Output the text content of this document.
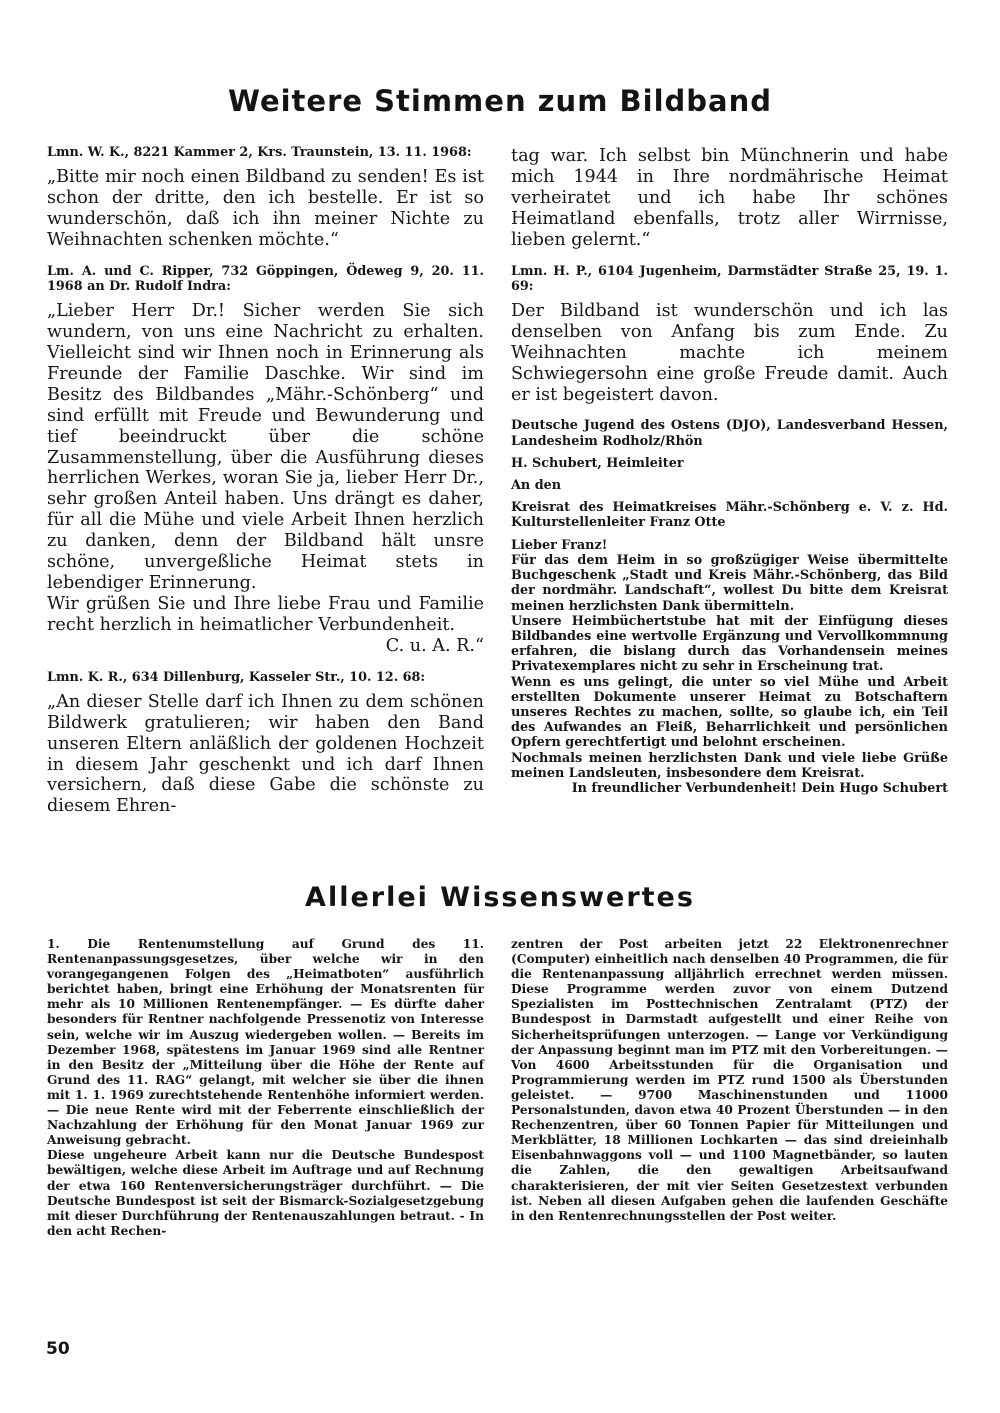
Weitere Stimmen zum Bildband

Lmn. W. K., 8221 Kammer 2, Krs. Traunstein, 13. 11. 1968:

„Bitte mir noch einen Bildband zu senden! Es ist schon der dritte, den ich bestelle. Er ist so wunderschön, daß ich ihn meiner Nichte zu Weihnachten schenken möchte.“

Lm. A. und C. Ripper, 732 Göppingen, Ödeweg 9, 20. 11. 1968 an Dr. Rudolf Indra:

„Lieber Herr Dr.! Sicher werden Sie sich wundern, von uns eine Nachricht zu erhalten. Vielleicht sind wir Ihnen noch in Erinnerung als Freunde der Familie Daschke. Wir sind im Besitz des Bildbandes „Mähr.-Schönberg“ und sind erfüllt mit Freude und Bewunderung und tief beeindruckt über die schöne Zusammenstellung, über die Ausführung dieses herrlichen Werkes, woran Sie ja, lieber Herr Dr., sehr großen Anteil haben. Uns drängt es daher, für all die Mühe und viele Arbeit Ihnen herzlich zu danken, denn der Bildband hält unsre schöne, unvergeßliche Heimat stets in lebendiger Erinnerung.

Wir grüßen Sie und Ihre liebe Frau und Familie recht herzlich in heimatlicher Verbundenheit.

C. u. A. R.“

Lmn. K. R., 634 Dillenburg, Kasseler Str., 10. 12. 68:

„An dieser Stelle darf ich Ihnen zu dem schönen Bildwerk gratulieren; wir haben den Band unseren Eltern anläßlich der goldenen Hochzeit in diesem Jahr geschenkt und ich darf Ihnen versichern, daß diese Gabe die schönste zu diesem Ehren-

tag war. Ich selbst bin Münchnerin und habe mich 1944 in Ihre nordmährische Heimat verheiratet und ich habe Ihr schönes Heimatland ebenfalls, trotz aller Wirrnisse, lieben gelernt.“

Lmn. H. P., 6104 Jugenheim, Darmstädter Straße 25, 19. 1. 69:

Der Bildband ist wunderschön und ich las denselben von Anfang bis zum Ende. Zu Weihnachten machte ich meinem Schwiegersohn eine große Freude damit. Auch er ist begeistert davon.

Deutsche Jugend des Ostens (DJO), Landesverband Hessen, Landesheim Rodholz/Rhön

H. Schubert, Heimleiter

An den

Kreisrat des Heimatkreises Mähr.-Schönberg e. V. z. Hd. Kulturstellenleiter Franz Otte

Lieber Franz!

Für das dem Heim in so großzügiger Weise übermittelte Buchgeschenk „Stadt und Kreis Mähr.-Schönberg, das Bild der nordmähr. Landschaft“, wollest Du bitte dem Kreisrat meinen herzlichsten Dank übermitteln.

Unsere Heimbüchertstube hat mit der Einfügung dieses Bildbandes eine wertvolle Ergänzung und Vervollkommnung erfahren, die bislang durch das Vorhandensein meines Privatexemplares nicht zu sehr in Erscheinung trat.

Wenn es uns gelingt, die unter so viel Mühe und Arbeit erstellten Dokumente unserer Heimat zu Botschaftern unseres Rechtes zu machen, sollte, so glaube ich, ein Teil des Aufwandes an Fleiß, Beharrlichkeit und persönlichen Opfern gerechtfertigt und belohnt erscheinen.

Nochmals meinen herzlichsten Dank und viele liebe Grüße meinen Landsleuten, insbesondere dem Kreisrat.

In freundlicher Verbundenheit! Dein Hugo Schubert

Allerlei Wissenswertes

1. Die Rentenumstellung auf Grund des 11. Rentenanpassungsgesetzes, über welche wir in den vorangegangenen Folgen des „Heimatboten“ ausführlich berichtet haben, bringt eine Erhöhung der Monatsrenten für mehr als 10 Millionen Rentenempfänger. — Es dürfte daher besonders für Rentner nachfolgende Pressenotiz von Interesse sein, welche wir im Auszug wiedergeben wollen. — Bereits im Dezember 1968, spätestens im Januar 1969 sind alle Rentner in den Besitz der „Mitteilung über die Höhe der Rente auf Grund des 11. RAG“ gelangt, mit welcher sie über die ihnen mit 1. 1. 1969 zurechtstehende Rentenhöhe informiert werden. — Die neue Rente wird mit der Feberrente einschließlich der Nachzahlung der Erhöhung für den Monat Januar 1969 zur Anweisung gebracht.

Diese ungeheure Arbeit kann nur die Deutsche Bundespost bewältigen, welche diese Arbeit im Auftrage und auf Rechnung der etwa 160 Rentenversicherungsträger durchführt. — Die Deutsche Bundespost ist seit der Bismarck-Sozialgesetzgebung mit dieser Durchführung der Rentenauszahlungen betraut. - In den acht Rechen-

zentren der Post arbeiten jetzt 22 Elektronenrechner (Computer) einheitlich nach denselben 40 Programmen, die für die Rentenanpassung alljährlich errechnet werden müssen. Diese Programme werden zuvor von einem Dutzend Spezialisten im Posttechnischen Zentralamt (PTZ) der Bundespost in Darmstadt aufgestellt und einer Reihe von Sicherheitsprüfungen unterzogen. — Lange vor Verkündigung der Anpassung beginnt man im PTZ mit den Vorbereitungen. — Von 4600 Arbeitsstunden für die Organisation und Programmierung werden im PTZ rund 1500 als Überstunden geleistet. — 9700 Maschinenstunden und 11000 Personalstunden, davon etwa 40 Prozent Überstunden — in den Rechenzentren, über 60 Tonnen Papier für Mitteilungen und Merkblätter, 18 Millionen Lochkarten — das sind dreieinhalb Eisenbahnwaggons voll — und 1100 Magnetbänder, so lauten die Zahlen, die den gewaltigen Arbeitsaufwand charakterisieren, der mit vier Seiten Gesetzestext verbunden ist. Neben all diesen Aufgaben gehen die laufenden Geschäfte in den Rentenrechnungsstellen der Post weiter.

50
